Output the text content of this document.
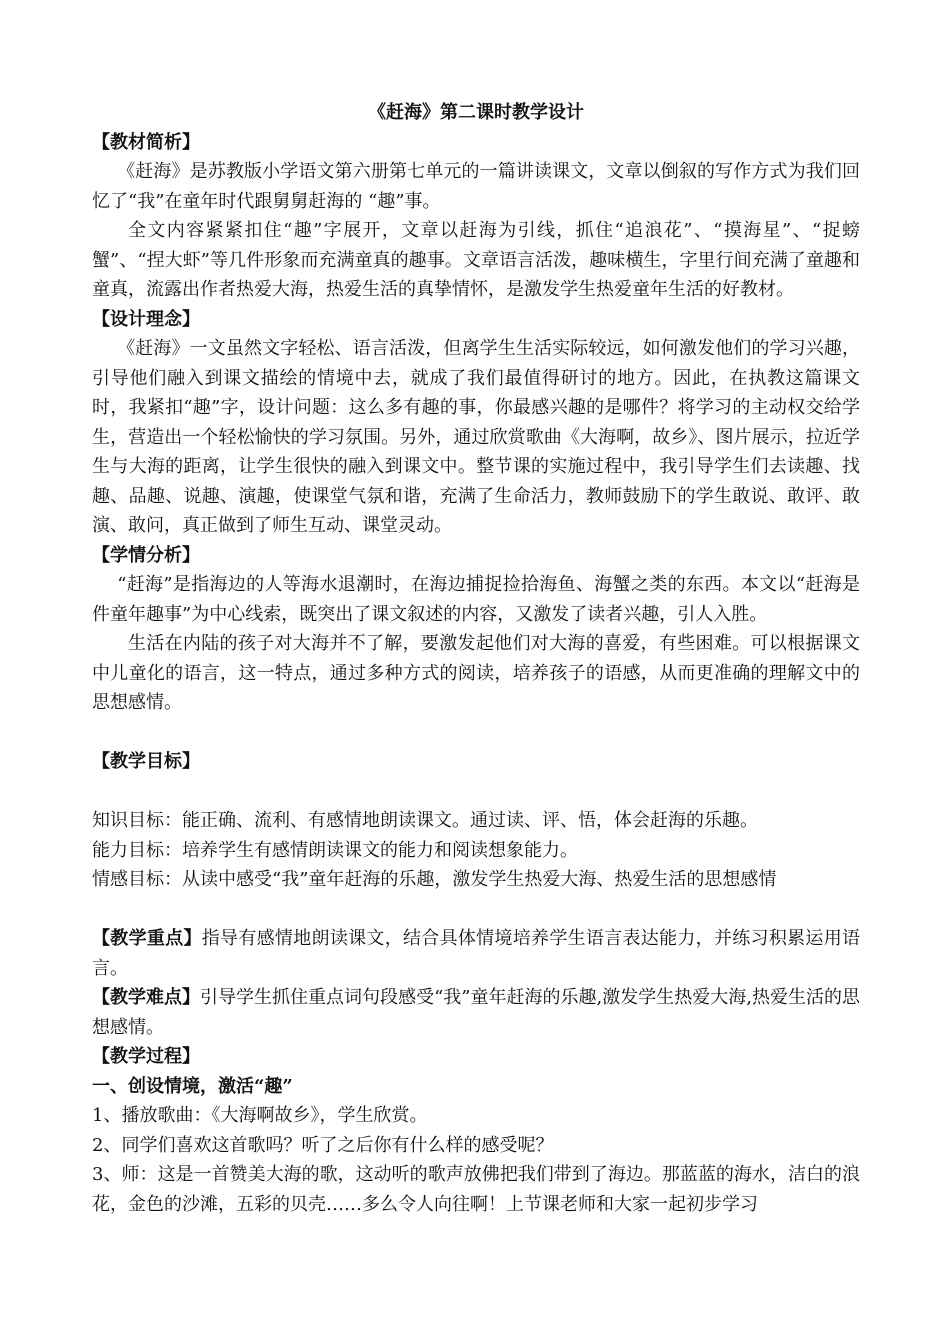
《赶海》第二课时教学设计

【教材简析】

《赶海》是苏教版小学语文第六册第七单元的一篇讲读课文，文章以倒叙的写作方式为我们回忆了“我”在童年时代跟舅舅赶海的 “趣”事。

全文内容紧紧扣住“趣”字展开，文章以赶海为引线，抓住“追浪花”、“摸海星”、“捉螃蟹”、“捏大虾”等几件形象而充满童真的趣事。文章语言活泼，趣味横生，字里行间充满了童趣和童真，流露出作者热爱大海，热爱生活的真挚情怀，是激发学生热爱童年生活的好教材。

【设计理念】

《赶海》一文虽然文字轻松、语言活泼，但离学生生活实际较远，如何激发他们的学习兴趣，引导他们融入到课文描绘的情境中去，就成了我们最值得研讨的地方。因此，在执教这篇课文时，我紧扣“趣”字，设计问题：这么多有趣的事，你最感兴趣的是哪件？将学习的主动权交给学生，营造出一个轻松愉快的学习氛围。另外，通过欣赏歌曲《大海啊，故乡》、图片展示，拉近学生与大海的距离，让学生很快的融入到课文中。整节课的实施过程中，我引导学生们去读趣、找趣、品趣、说趣、演趣，使课堂气氛和谐，充满了生命活力，教师鼓励下的学生敢说、敢评、敢演、敢问，真正做到了师生互动、课堂灵动。

【学情分析】

“赶海”是指海边的人等海水退潮时，在海边捕捉捡拾海鱼、海蟹之类的东西。本文以“赶海是件童年趣事”为中心线索，既突出了课文叙述的内容，又激发了读者兴趣，引人入胜。

生活在内陆的孩子对大海并不了解，要激发起他们对大海的喜爱，有些困难。可以根据课文中儿童化的语言，这一特点，通过多种方式的阅读，培养孩子的语感，从而更准确的理解文中的思想感情。

【教学目标】

知识目标：能正确、流利、有感情地朗读课文。通过读、评、悟，体会赶海的乐趣。

能力目标：培养学生有感情朗读课文的能力和阅读想象能力。

情感目标：从读中感受“我”童年赶海的乐趣，激发学生热爱大海、热爱生活的思想感情

【教学重点】指导有感情地朗读课文，结合具体情境培养学生语言表达能力，并练习积累运用语言。

【教学难点】引导学生抓住重点词句段感受“我”童年赶海的乐趣,激发学生热爱大海,热爱生活的思想感情。

【教学过程】

一、创设情境，激活“趣”

1、播放歌曲：《大海啊故乡》，学生欣赏。

2、同学们喜欢这首歌吗？听了之后你有什么样的感受呢？

3、师：这是一首赞美大海的歌，这动听的歌声放佛把我们带到了海边。那蓝蓝的海水，洁白的浪花，金色的沙滩，五彩的贝壳……多么令人向往啊！上节课老师和大家一起初步学习
